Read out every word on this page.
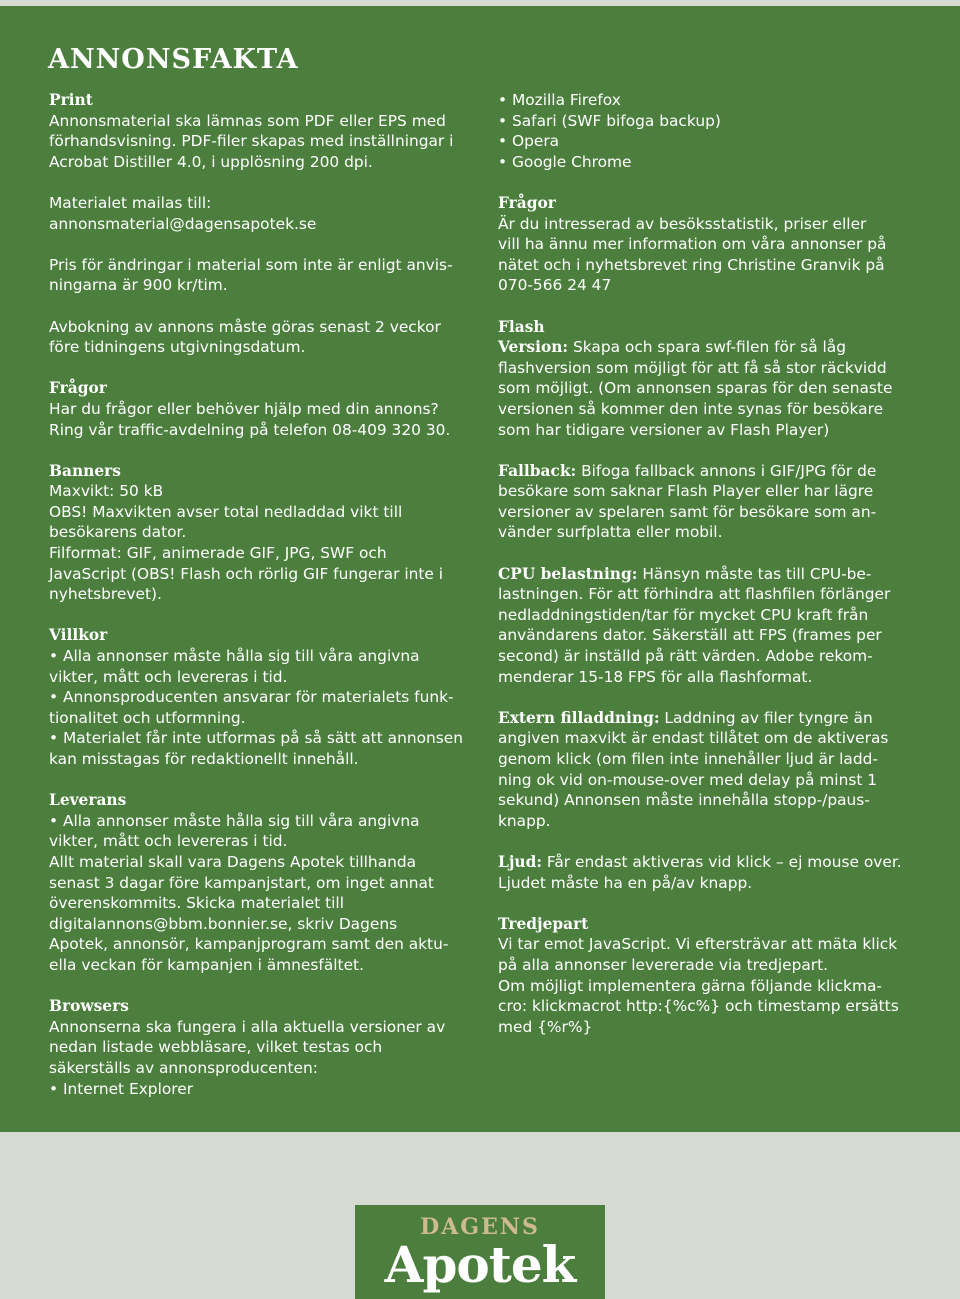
ANNONSFAKTA
Print
Annonsmaterial ska lämnas som PDF eller EPS med
förhandsvisning. PDF-filer skapas med inställningar i
Acrobat Distiller 4.0, i upplösning 200 dpi.
Materialet mailas till:
annonsmaterial@dagensapotek.se
Pris för ändringar i material som inte är enligt anvis-
ningarna är 900 kr/tim.
Avbokning av annons måste göras senast 2 veckor
före tidningens utgivningsdatum.
Frågor
Har du frågor eller behöver hjälp med din annons?
Ring vår traffic-avdelning på telefon 08-409 320 30.
Banners
Maxvikt: 50 kB
OBS! Maxvikten avser total nedladdad vikt till
besökarens dator.
Filformat: GIF, animerade GIF, JPG, SWF och
JavaScript (OBS! Flash och rörlig GIF fungerar inte i
nyhetsbrevet).
Villkor
• Alla annonser måste hålla sig till våra angivna
vikter, mått och levereras i tid.
• Annonsproducenten ansvarar för materialets funk-
tionalitet och utformning.
• Materialet får inte utformas på så sätt att annonsen
kan misstagas för redaktionellt innehåll.
Leverans
• Alla annonser måste hålla sig till våra angivna
vikter, mått och levereras i tid.
Allt material skall vara Dagens Apotek tillhanda
senast 3 dagar före kampanjstart, om inget annat
överenskommits. Skicka materialet till
digitalannons@bbm.bonnier.se, skriv Dagens
Apotek, annonsör, kampanjprogram samt den aktu-
ella veckan för kampanjen i ämnesfältet.
Browsers
Annonserna ska fungera i alla aktuella versioner av
nedan listade webbläsare, vilket testas och
säkerställs av annonsproducenten:
• Internet Explorer
• Mozilla Firefox
• Safari (SWF bifoga backup)
• Opera
• Google Chrome
Frågor
Är du intresserad av besöksstatistik, priser eller
vill ha ännu mer information om våra annonser på
nätet och i nyhetsbrevet ring Christine Granvik på
070-566 24 47
Flash
Version: Skapa och spara swf-filen för så låg
flashversion som möjligt för att få så stor räckvidd
som möjligt. (Om annonsen sparas för den senaste
versionen så kommer den inte synas för besökare
som har tidigare versioner av Flash Player)
Fallback: Bifoga fallback annons i GIF/JPG för de
besökare som saknar Flash Player eller har lägre
versioner av spelaren samt för besökare som an-
vänder surfplatta eller mobil.
CPU belastning: Hänsyn måste tas till CPU-be-
lastningen. För att förhindra att flashfilen förlänger
nedladdningstiden/tar för mycket CPU kraft från
användarens dator. Säkerställ att FPS (frames per
second) är inställd på rätt värden. Adobe rekom-
menderar 15-18 FPS för alla flashformat.
Extern filladdning: Laddning av filer tyngre än
angiven maxvikt är endast tillåtet om de aktiveras
genom klick (om filen inte innehåller ljud är ladd-
ning ok vid on-mouse-over med delay på minst 1
sekund) Annonsen måste innehålla stopp-/paus-
knapp.
Ljud: Får endast aktiveras vid klick – ej mouse over.
Ljudet måste ha en på/av knapp.
Tredjepart
Vi tar emot JavaScript. Vi eftersträvar att mäta klick
på alla annonser levererade via tredjepart.
Om möjligt implementera gärna följande klickma-
cro: klickmacrot http:{%c%} och timestamp ersätts
med {%r%}
DAGENS
Apotek
